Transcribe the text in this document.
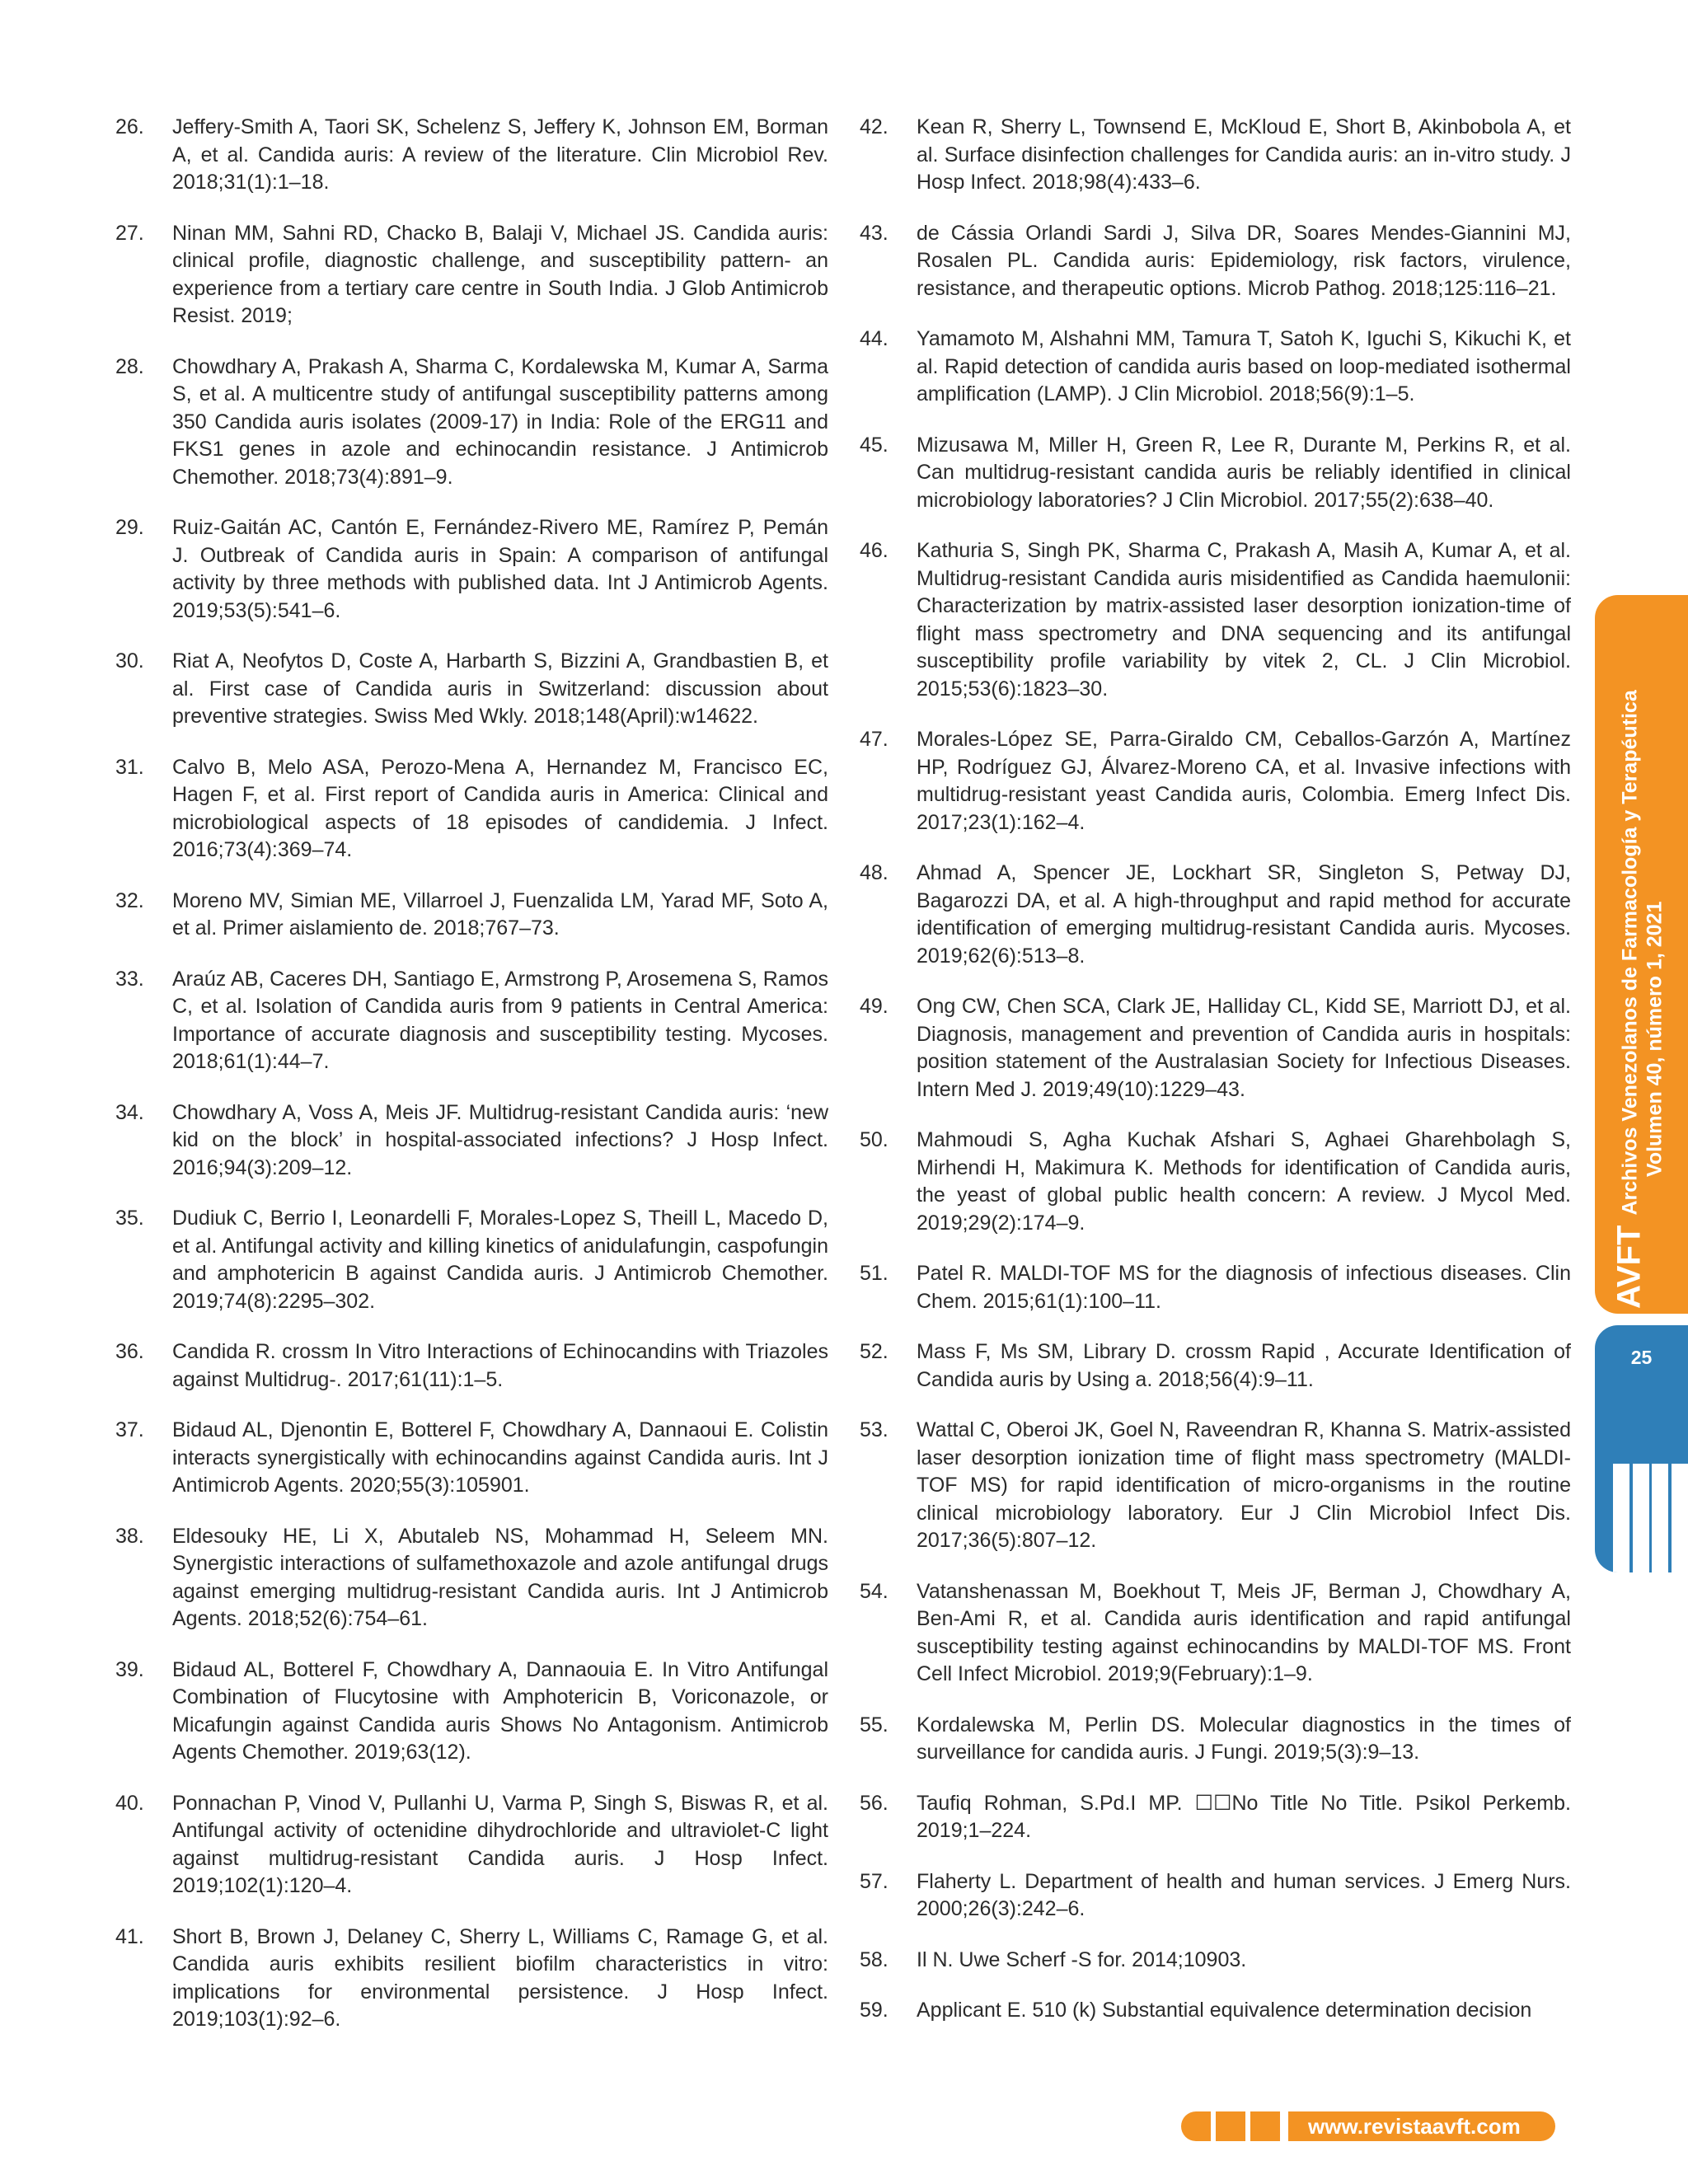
26.	Jeffery-Smith A, Taori SK, Schelenz S, Jeffery K, Johnson EM, Borman A, et al. Candida auris: A review of the literature. Clin Microbiol Rev. 2018;31(1):1–18.
27.	Ninan MM, Sahni RD, Chacko B, Balaji V, Michael JS. Candida auris: clinical profile, diagnostic challenge, and susceptibility pattern- an experience from a tertiary care centre in South India. J Glob Antimicrob Resist. 2019;
28.	Chowdhary A, Prakash A, Sharma C, Kordalewska M, Kumar A, Sarma S, et al. A multicentre study of antifungal susceptibility patterns among 350 Candida auris isolates (2009-17) in India: Role of the ERG11 and FKS1 genes in azole and echinocandin resistance. J Antimicrob Chemother. 2018;73(4):891–9.
29.	Ruiz-Gaitán AC, Cantón E, Fernández-Rivero ME, Ramírez P, Pemán J. Outbreak of Candida auris in Spain: A comparison of antifungal activity by three methods with published data. Int J Antimicrob Agents. 2019;53(5):541–6.
30.	Riat A, Neofytos D, Coste A, Harbarth S, Bizzini A, Grandbastien B, et al. First case of Candida auris in Switzerland: discussion about preventive strategies. Swiss Med Wkly. 2018;148(April):w14622.
31.	Calvo B, Melo ASA, Perozo-Mena A, Hernandez M, Francisco EC, Hagen F, et al. First report of Candida auris in America: Clinical and microbiological aspects of 18 episodes of candidemia. J Infect. 2016;73(4):369–74.
32.	Moreno MV, Simian ME, Villarroel J, Fuenzalida LM, Yarad MF, Soto A, et al. Primer aislamiento de. 2018;767–73.
33.	Araúz AB, Caceres DH, Santiago E, Armstrong P, Arosemena S, Ramos C, et al. Isolation of Candida auris from 9 patients in Central America: Importance of accurate diagnosis and susceptibility testing. Mycoses. 2018;61(1):44–7.
34.	Chowdhary A, Voss A, Meis JF. Multidrug-resistant Candida auris: ‘new kid on the block’ in hospital-associated infections? J Hosp Infect. 2016;94(3):209–12.
35.	Dudiuk C, Berrio I, Leonardelli F, Morales-Lopez S, Theill L, Macedo D, et al. Antifungal activity and killing kinetics of anidulafungin, caspofungin and amphotericin B against Candida auris. J Antimicrob Chemother. 2019;74(8):2295–302.
36.	Candida R. crossm In Vitro Interactions of Echinocandins with Triazoles against Multidrug-. 2017;61(11):1–5.
37.	Bidaud AL, Djenontin E, Botterel F, Chowdhary A, Dannaoui E. Colistin interacts synergistically with echinocandins against Candida auris. Int J Antimicrob Agents. 2020;55(3):105901.
38.	Eldesouky HE, Li X, Abutaleb NS, Mohammad H, Seleem MN. Synergistic interactions of sulfamethoxazole and azole antifungal drugs against emerging multidrug-resistant Candida auris. Int J Antimicrob Agents. 2018;52(6):754–61.
39.	Bidaud AL, Botterel F, Chowdhary A, Dannaouia E. In Vitro Antifungal Combination of Flucytosine with Amphotericin B, Voriconazole, or Micafungin against Candida auris Shows No Antagonism. Antimicrob Agents Chemother. 2019;63(12).
40.	Ponnachan P, Vinod V, Pullanhi U, Varma P, Singh S, Biswas R, et al. Antifungal activity of octenidine dihydrochloride and ultraviolet-C light against multidrug-resistant Candida auris. J Hosp Infect. 2019;102(1):120–4.
41.	Short B, Brown J, Delaney C, Sherry L, Williams C, Ramage G, et al. Candida auris exhibits resilient biofilm characteristics in vitro: implications for environmental persistence. J Hosp Infect. 2019;103(1):92–6.
42.	Kean R, Sherry L, Townsend E, McKloud E, Short B, Akinbobola A, et al. Surface disinfection challenges for Candida auris: an in-vitro study. J Hosp Infect. 2018;98(4):433–6.
43.	de Cássia Orlandi Sardi J, Silva DR, Soares Mendes-Giannini MJ, Rosalen PL. Candida auris: Epidemiology, risk factors, virulence, resistance, and therapeutic options. Microb Pathog. 2018;125:116–21.
44.	Yamamoto M, Alshahni MM, Tamura T, Satoh K, Iguchi S, Kikuchi K, et al. Rapid detection of candida auris based on loop-mediated isothermal amplification (LAMP). J Clin Microbiol. 2018;56(9):1–5.
45.	Mizusawa M, Miller H, Green R, Lee R, Durante M, Perkins R, et al. Can multidrug-resistant candida auris be reliably identified in clinical microbiology laboratories? J Clin Microbiol. 2017;55(2):638–40.
46.	Kathuria S, Singh PK, Sharma C, Prakash A, Masih A, Kumar A, et al. Multidrug-resistant Candida auris misidentified as Candida haemulonii: Characterization by matrix-assisted laser desorption ionization-time of flight mass spectrometry and DNA sequencing and its antifungal susceptibility profile variability by vitek 2, CL. J Clin Microbiol. 2015;53(6):1823–30.
47.	Morales-López SE, Parra-Giraldo CM, Ceballos-Garzón A, Martínez HP, Rodríguez GJ, Álvarez-Moreno CA, et al. Invasive infections with multidrug-resistant yeast Candida auris, Colombia. Emerg Infect Dis. 2017;23(1):162–4.
48.	Ahmad A, Spencer JE, Lockhart SR, Singleton S, Petway DJ, Bagarozzi DA, et al. A high-throughput and rapid method for accurate identification of emerging multidrug-resistant Candida auris. Mycoses. 2019;62(6):513–8.
49.	Ong CW, Chen SCA, Clark JE, Halliday CL, Kidd SE, Marriott DJ, et al. Diagnosis, management and prevention of Candida auris in hospitals: position statement of the Australasian Society for Infectious Diseases. Intern Med J. 2019;49(10):1229–43.
50.	Mahmoudi S, Agha Kuchak Afshari S, Aghaei Gharehbolagh S, Mirhendi H, Makimura K. Methods for identification of Candida auris, the yeast of global public health concern: A review. J Mycol Med. 2019;29(2):174–9.
51.	Patel R. MALDI-TOF MS for the diagnosis of infectious diseases. Clin Chem. 2015;61(1):100–11.
52.	Mass F, Ms SM, Library D. crossm Rapid , Accurate Identification of Candida auris by Using a. 2018;56(4):9–11.
53.	Wattal C, Oberoi JK, Goel N, Raveendran R, Khanna S. Matrix-assisted laser desorption ionization time of flight mass spectrometry (MALDI-TOF MS) for rapid identification of micro-organisms in the routine clinical microbiology laboratory. Eur J Clin Microbiol Infect Dis. 2017;36(5):807–12.
54.	Vatanshenassan M, Boekhout T, Meis JF, Berman J, Chowdhary A, Ben-Ami R, et al. Candida auris identification and rapid antifungal susceptibility testing against echinocandins by MALDI-TOF MS. Front Cell Infect Microbiol. 2019;9(February):1–9.
55.	Kordalewska M, Perlin DS. Molecular diagnostics in the times of surveillance for candida auris. J Fungi. 2019;5(3):9–13.
56.	Taufiq Rohman, S.Pd.I MP. ☐☐No Title No Title. Psikol Perkemb. 2019;1–224.
57.	Flaherty L. Department of health and human services. J Emerg Nurs. 2000;26(3):242–6.
58.	Il N. Uwe Scherf -S for. 2014;10903.
59.	Applicant E. 510 (k) Substantial equivalence determination decision
AVFTArchivos Venezolanos de Farmacología y Terapéutica Volumen 40, número 1, 2021
25
www.revistaavft.com
